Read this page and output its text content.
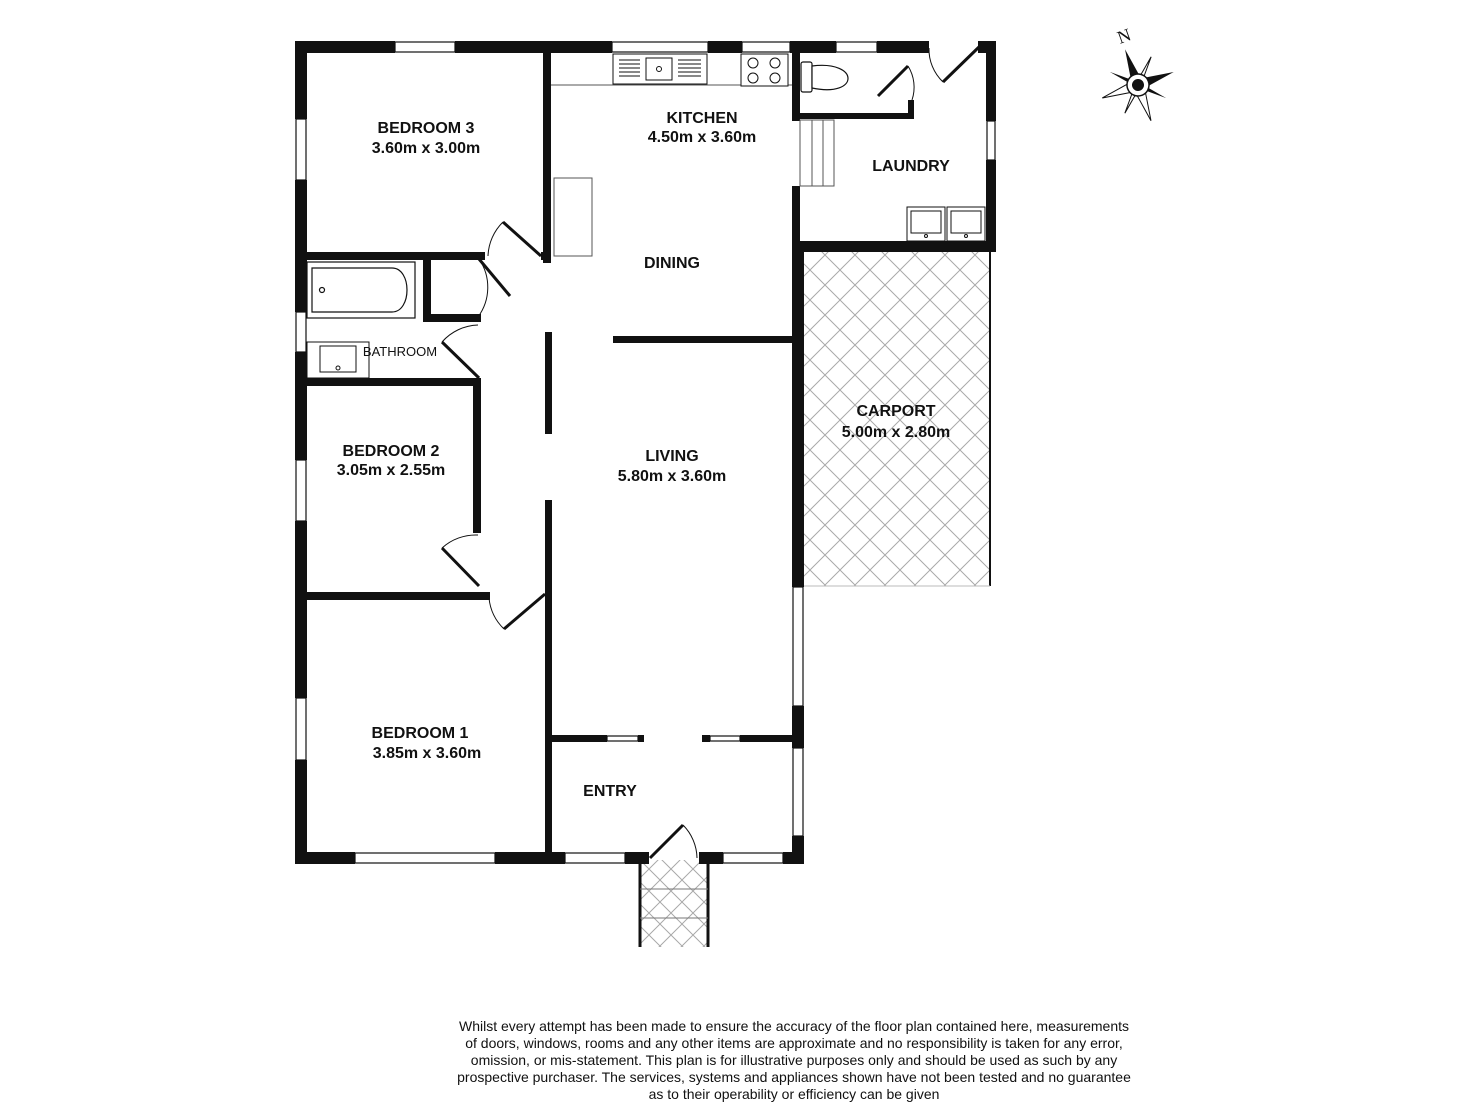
BEDROOM 3
3.60m x 3.00m
KITCHEN
4.50m x 3.60m
LAUNDRY
DINING
BATHROOM
CARPORT
5.00m x 2.80m
BEDROOM 2
3.05m x 2.55m
LIVING
5.80m x 3.60m
BEDROOM 1
3.85m x 3.60m
ENTRY
N

Whilst every attempt has been made to ensure the accuracy of the floor plan contained here, measurements
of doors, windows, rooms and any other items are approximate and no responsibility is taken for any error,
omission, or mis-statement. This plan is for illustrative purposes only and should be used as such by any
prospective purchaser. The services, systems and appliances shown have not been tested and no guarantee
as to their operability or efficiency can be given
